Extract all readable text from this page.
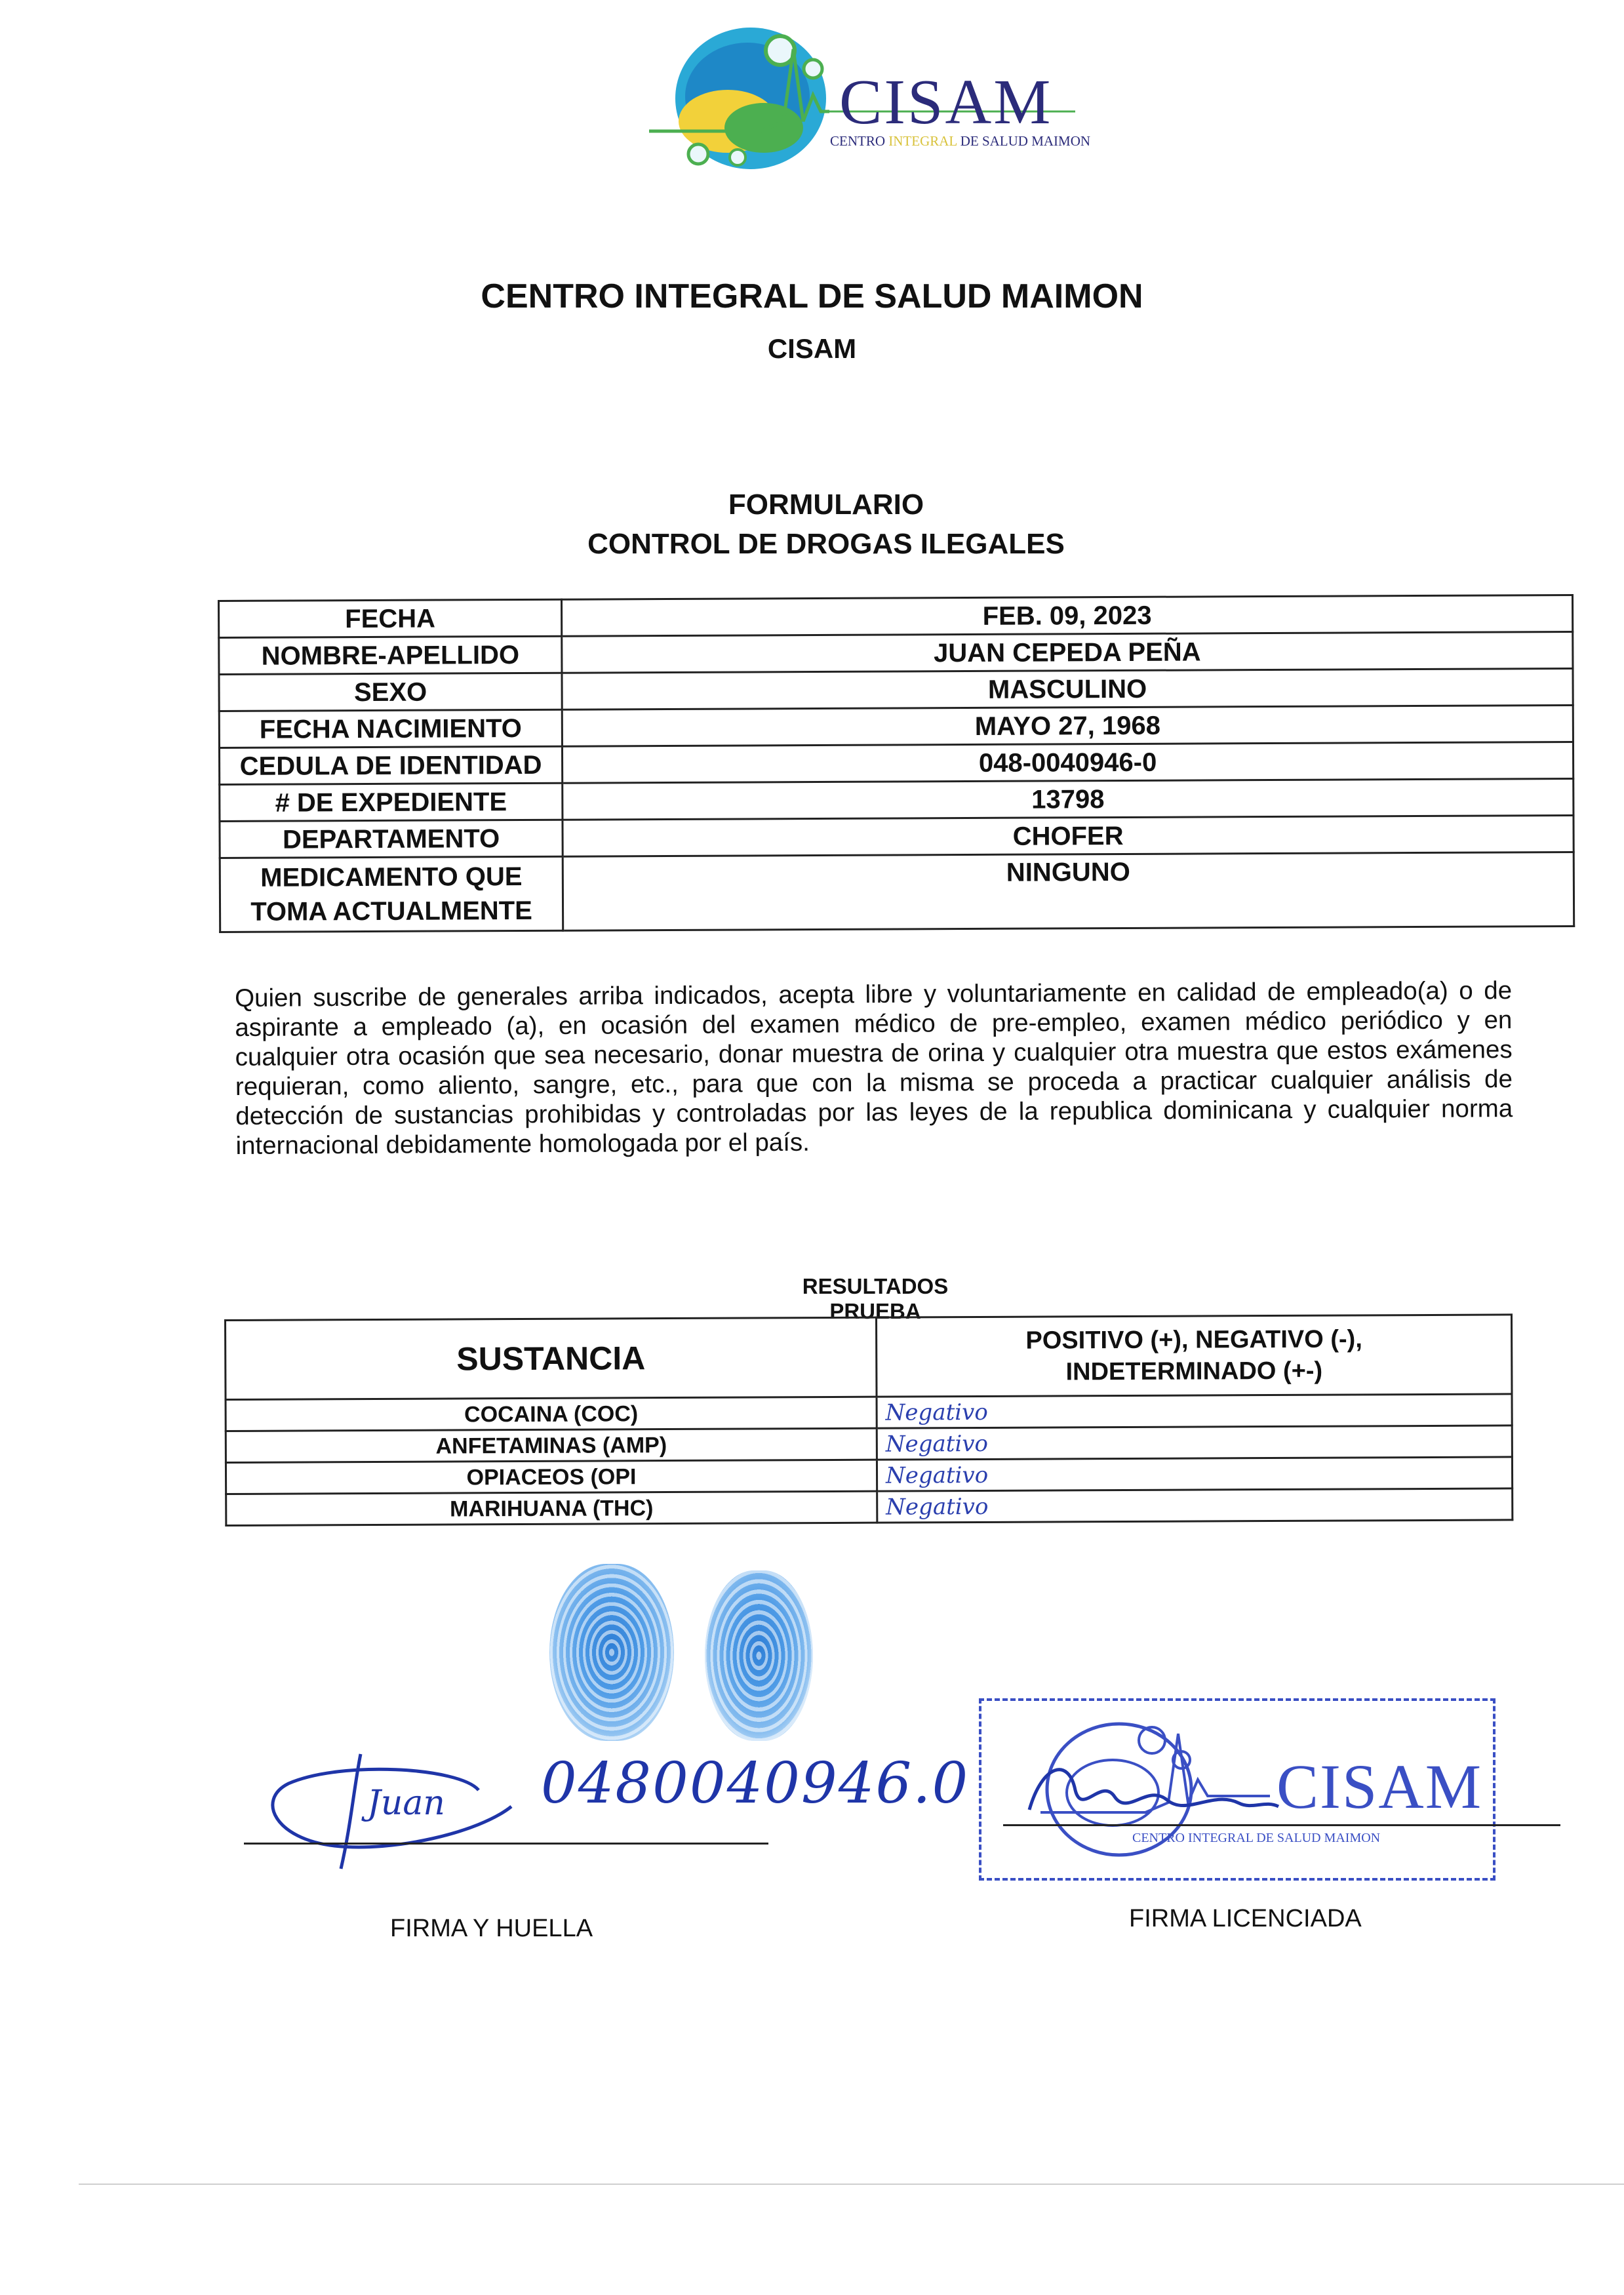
CISAM
CENTRO INTEGRAL DE SALUD MAIMON
CENTRO INTEGRAL DE SALUD MAIMON
CISAM
FORMULARIO
CONTROL DE DROGAS ILEGALES
FECHA	FEB. 09, 2023
NOMBRE-APELLIDO	JUAN CEPEDA PEÑA
SEXO	MASCULINO
FECHA NACIMIENTO	MAYO 27, 1968
CEDULA DE IDENTIDAD	048-0040946-0
# DE EXPEDIENTE	13798
DEPARTAMENTO	CHOFER

MEDICAMENTO QUE
TOMA ACTUALMENTE	NINGUNO
Quien suscribe de generales arriba indicados, acepta libre y voluntariamente en calidad de empleado(a) o de aspirante a empleado (a), en ocasión del examen médico de pre-empleo, examen médico periódico y en cualquier otra ocasión que sea necesario, donar muestra de orina y cualquier otra muestra que estos exámenes requieran, como aliento, sangre, etc., para que con la misma se proceda a practicar cualquier análisis de detección de sustancias prohibidas y controladas por las leyes de la republica dominicana y cualquier norma internacional debidamente homologada por el país.
RESULTADOS PRUEBA
SUSTANCIA	POSITIVO (+), NEGATIVO (-),
INDETERMINADO (+-)

COCAINA (COC)	Negativo
ANFETAMINAS (AMP)	Negativo
OPIACEOS (OPI	Negativo
MARIHUANA (THC)	Negativo
Juan 0480040946.0
FIRMA Y HUELLA
CISAM
CENTRO INTEGRAL DE SALUD MAIMON
FIRMA LICENCIADA
